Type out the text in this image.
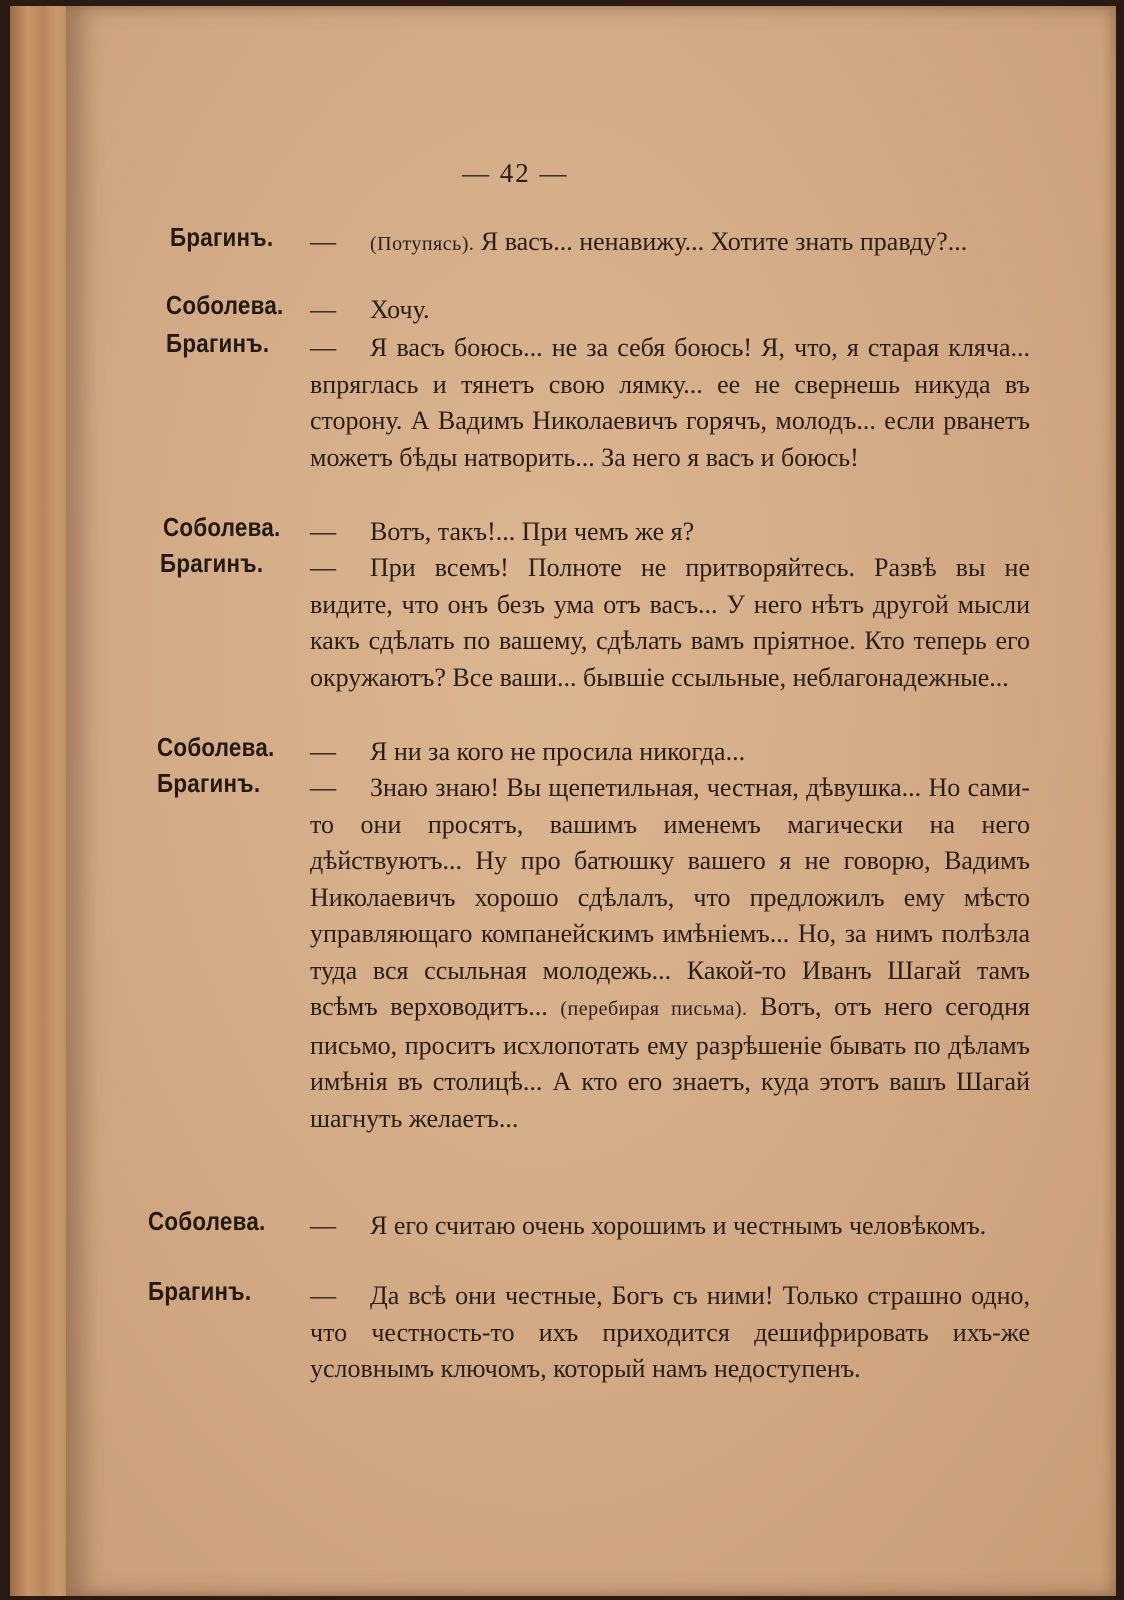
— 42 —
Брагинъ. — (Потупясь). Я васъ... ненавижу... Хотите знать правду?...
Соболева. — Хочу.
Брагинъ. — Я васъ боюсь... не за себя боюсь! Я, что, я старая кляча... впряглась и тянетъ свою лямку... ее не свернешь никуда въ сторону. А Вадимъ Николаевичъ горячъ, молодъ... если рванетъ можетъ бѣды натворить... За него я васъ и боюсь!
Соболева. — Вотъ, такъ!... При чемъ же я?
Брагинъ. — При всемъ! Полноте не притворяйтесь. Развѣ вы не видите, что онъ безъ ума отъ васъ... У него нѣтъ другой мысли какъ сдѣлать по вашему, сдѣлать вамъ пріятное. Кто теперь его окружаютъ? Все ваши... бывшіе ссыльные, неблагонадежные...
Соболева. — Я ни за кого не просила никогда...
Брагинъ. — Знаю знаю! Вы щепетильная, честная, дѣвушка... Но сами-то они просятъ, вашимъ именемъ магически на него дѣйствуютъ... Ну про батюшку вашего я не говорю, Вадимъ Николаевичъ хорошо сдѣлалъ, что предложилъ ему мѣсто управляющаго компанейскимъ имѣніемъ... Но, за нимъ полѣзла туда вся ссыльная молодежь... Какой-то Иванъ Шагай тамъ всѣмъ верховодитъ... (перебирая письма). Вотъ, отъ него сегодня письмо, проситъ исхлопотать ему разрѣшеніе бывать по дѣламъ имѣнія въ столицѣ... А кто его знаетъ, куда этотъ вашъ Шагай шагнуть желаетъ...
Соболева. — Я его считаю очень хорошимъ и честнымъ человѣкомъ.
Брагинъ. — Да всѣ они честные, Богъ съ ними! Только страшно одно, что честность-то ихъ приходится дешифрировать ихъ-же условнымъ ключомъ, который намъ недоступенъ.
